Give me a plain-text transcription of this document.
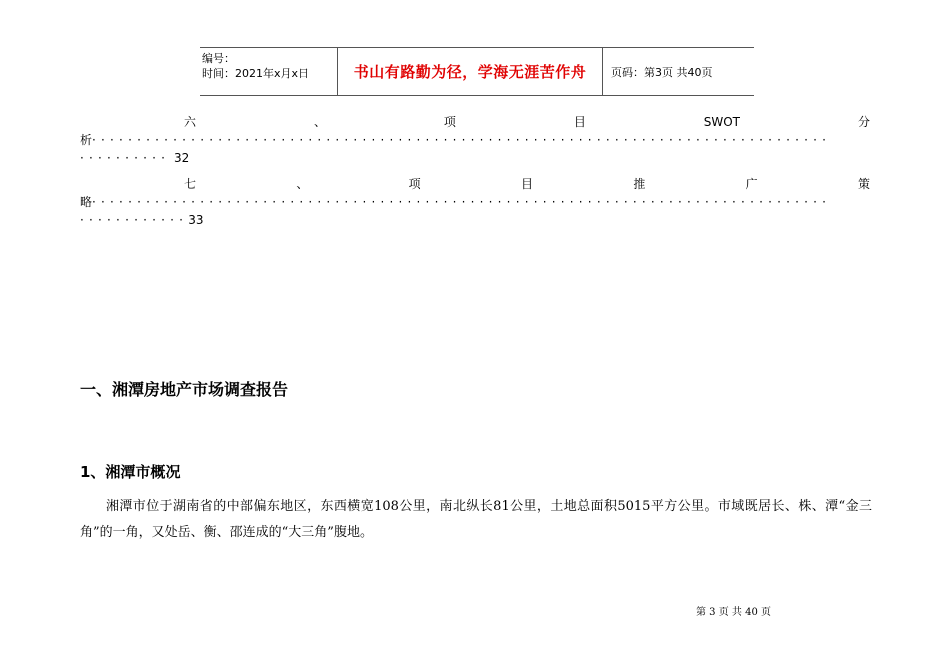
编号：
时间：2021年x月x日	书山有路勤为径，学海无涯苦作舟	页码：第3页 共40页
六	、	项	目	SWOT	分
析··················································································
·········· 32
七	、	项	目	推	广	策
略··················································································
············33
一、湘潭房地产市场调查报告
1、湘潭市概况

湘潭市位于湖南省的中部偏东地区，东西横宽108公里，南北纵长81公里，土地总面积5015平方公里。市域既居长、株、潭“金三角”的一角，又处岳、衡、邵连成的“大三角”腹地。

第 3 页 共 40 页
